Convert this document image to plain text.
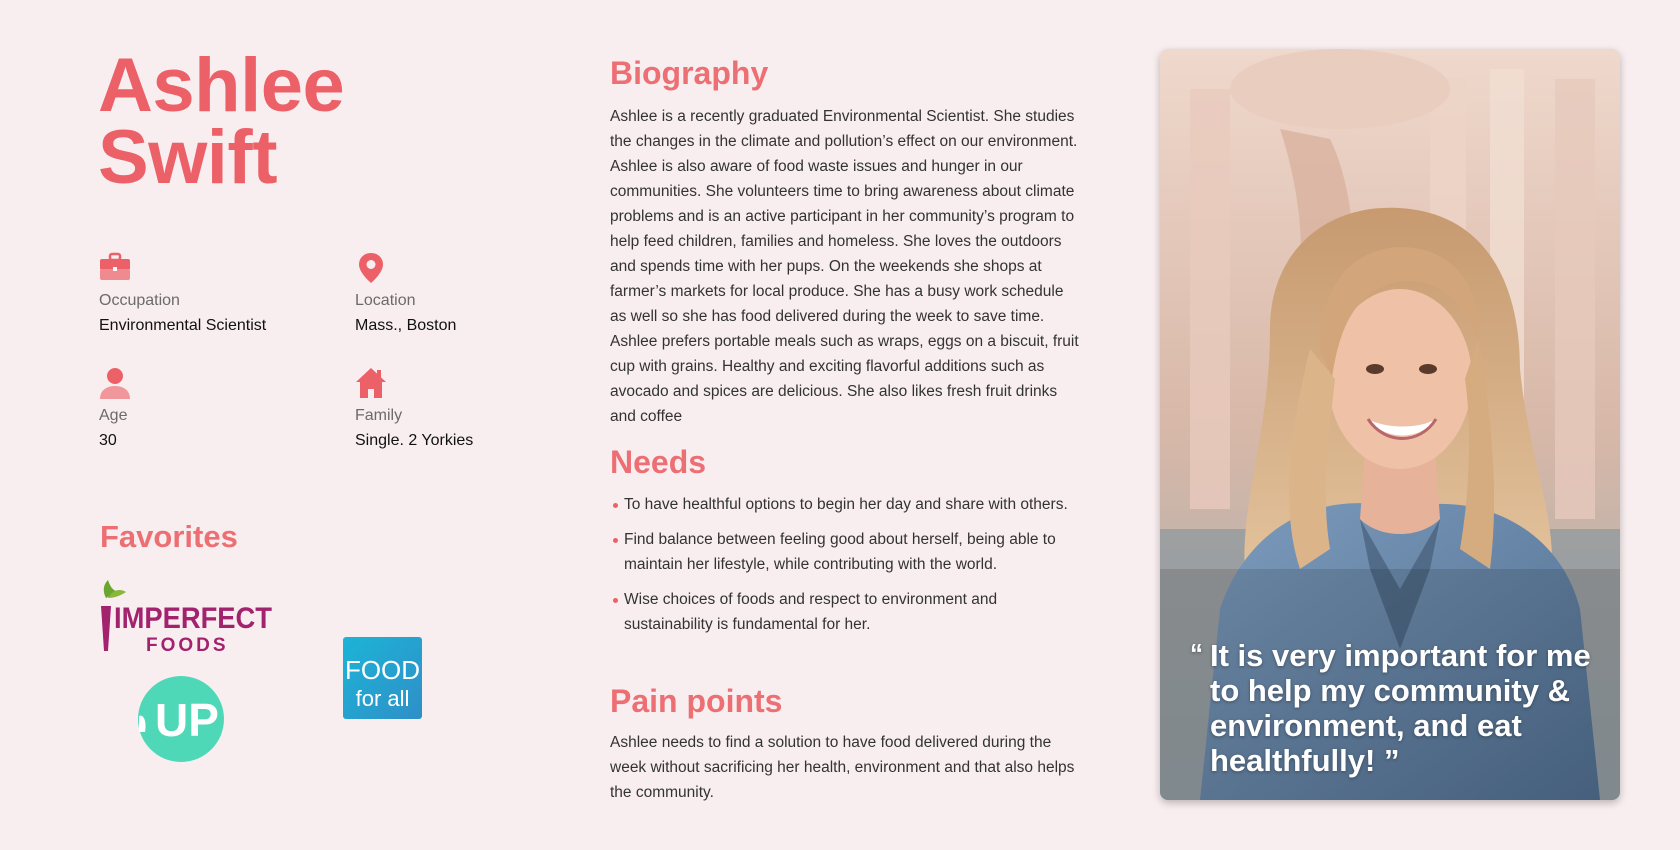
Ashlee
Swift
Occupation
Environmental Scientist
Location
Mass., Boston
Age
30
Family
Single. 2 Yorkies
Favorites
IMPERFECT
FOODS
FOOD
for all
UP
Biography

Ashlee is a recently graduated Environmental Scientist. She studies the changes in the climate and pollution’s effect on our environment. Ashlee is also aware of food waste issues and hunger in our communities. She volunteers time to bring awareness about climate problems and is an active participant in her community’s program to help feed children, families and homeless. She loves the outdoors and spends time with her pups. On the weekends she shops at farmer’s markets for local produce. She has a busy work schedule as well so she has food delivered during the week to save time. Ashlee prefers portable meals such as wraps, eggs on a biscuit, fruit cup with grains. Healthy and exciting flavorful additions such as avocado and spices are delicious. She also likes fresh fruit drinks and coffee

Needs
To have healthful options to begin her day and share with others.
Find balance between feeling good about herself, being able to maintain her lifestyle, while contributing with the world.
Wise choices of foods and respect to environment and sustainability is fundamental for her.
Pain points

Ashlee needs to find a solution to have food delivered during the week without sacrificing her health, environment and that also helps the community.

“ It is very important for me to help my community & environment, and eat healthfully! ”
